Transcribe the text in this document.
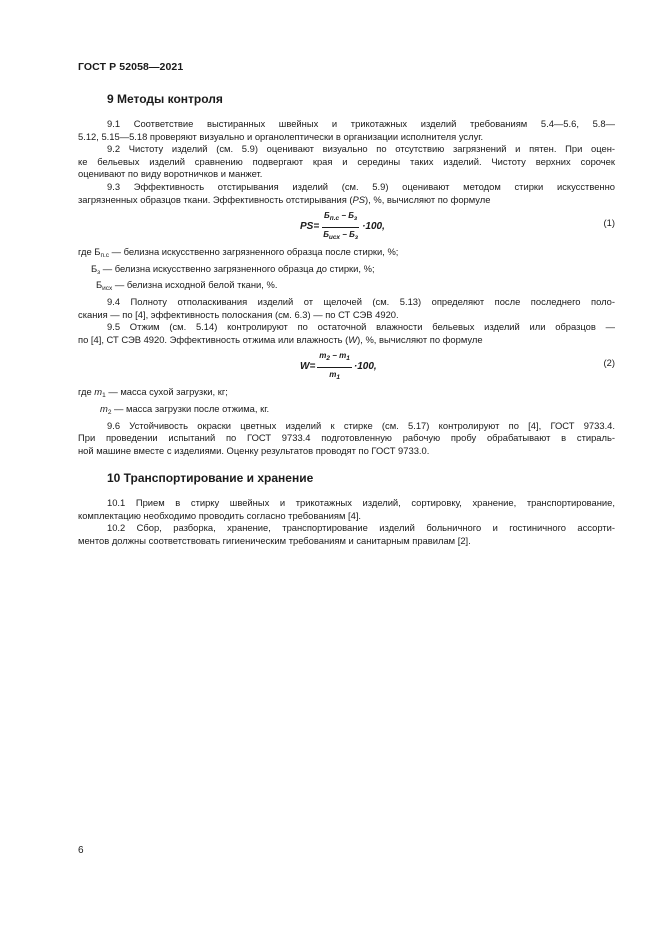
ГОСТ Р 52058—2021
9 Методы контроля

9.1 Соответствие выстиранных швейных и трикотажных изделий требованиям 5.4—5.6, 5.8—
5.12, 5.15—5.18 проверяют визуально и органолептически в организации исполнителя услуг.

9.2 Чистоту изделий (см. 5.9) оценивают визуально по отсутствию загрязнений и пятен. При оцен-
ке бельевых изделий сравнению подвергают края и середины таких изделий. Чистоту верхних сорочек
оценивают по виду воротничков и манжет.

9.3 Эффективность отстирывания изделий (см. 5.9) оценивают методом стирки искусственно
загрязненных образцов ткани. Эффективность отстирывания (PS), %, вычисляют по формуле

PS = $\frac{Б_{п.с} - Б_з}{Б_{исх} - Б_з} \cdot 100$,	(1)

где $Б_{п.с}$ — белизна искусственно загрязненного образца после стирки, %;

$Б_з$ — белизна искусственно загрязненного образца до стирки, %;

$Б_{исх}$ — белизна исходной белой ткани, %.

9.4 Полноту отполаскивания изделий от щелочей (см. 5.13) определяют после последнего поло-
скания — по [4], эффективность полоскания (см. 6.3) — по СТ СЭВ 4920.

9.5 Отжим (см. 5.14) контролируют по остаточной влажности бельевых изделий или образцов —
по [4], СТ СЭВ 4920. Эффективность отжима или влажность (W), %, вычисляют по формуле

$W = \frac{m_2 - m_1}{m_1} \cdot 100$,	(2)

где $m_1$ — масса сухой загрузки, кг;

$m_2$ — масса загрузки после отжима, кг.

9.6 Устойчивость окраски цветных изделий к стирке (см. 5.17) контролируют по [4], ГОСТ 9733.4.
При проведении испытаний по ГОСТ 9733.4 подготовленную рабочую пробу обрабатывают в стираль-
ной машине вместе с изделиями. Оценку результатов проводят по ГОСТ 9733.0.

10 Транспортирование и хранение

10.1 Прием в стирку швейных и трикотажных изделий, сортировку, хранение, транспортирование,
комплектацию необходимо проводить согласно требованиям [4].

10.2 Сбор, разборка, хранение, транспортирование изделий больничного и гостиничного ассорти-
ментов должны соответствовать гигиеническим требованиям и санитарным правилам [2].

6
